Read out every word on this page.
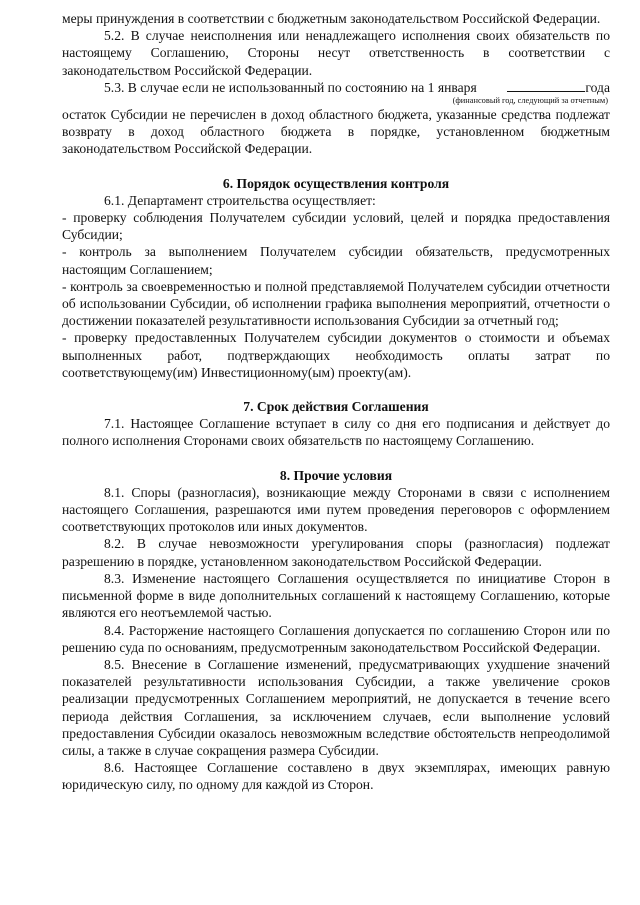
меры принуждения в соответствии с бюджетным законодательством Российской Федерации.

5.2. В случае неисполнения или ненадлежащего исполнения своих обязательств по настоящему Соглашению, Стороны несут ответственность в соответствии с законодательством Российской Федерации.

5.3. В случае если не использованный по состоянию на 1 января	года

(финансовый год, следующий за отчетным)

остаток Субсидии не перечислен в доход областного бюджета, указанные средства подлежат возврату в доход областного бюджета в порядке, установленном бюджетным законодательством Российской Федерации.

6. Порядок осуществления контроля

6.1. Департамент строительства осуществляет:

- проверку соблюдения Получателем субсидии условий, целей и порядка предоставления Субсидии;

- контроль за выполнением Получателем субсидии обязательств, предусмотренных настоящим Соглашением;

- контроль за своевременностью и полной представляемой Получателем субсидии отчетности об использовании Субсидии, об исполнении графика выполнения мероприятий, отчетности о достижении показателей результативности использования Субсидии за отчетный год;

- проверку предоставленных Получателем субсидии документов о стоимости и объемах выполненных работ, подтверждающих необходимость оплаты затрат по соответствующему(им) Инвестиционному(ым) проекту(ам).

7. Срок действия Соглашения

7.1. Настоящее Соглашение вступает в силу со дня его подписания и действует до полного исполнения Сторонами своих обязательств по настоящему Соглашению.

8. Прочие условия

8.1. Споры (разногласия), возникающие между Сторонами в связи с исполнением настоящего Соглашения, разрешаются ими путем проведения переговоров с оформлением соответствующих протоколов или иных документов.

8.2. В случае невозможности урегулирования споры (разногласия) подлежат разрешению в порядке, установленном законодательством Российской Федерации.

8.3. Изменение настоящего Соглашения осуществляется по инициативе Сторон в письменной форме в виде дополнительных соглашений к настоящему Соглашению, которые являются его неотъемлемой частью.

8.4. Расторжение настоящего Соглашения допускается по соглашению Сторон или по решению суда по основаниям, предусмотренным законодательством Российской Федерации.

8.5. Внесение в Соглашение изменений, предусматривающих ухудшение значений показателей результативности использования Субсидии, а также увеличение сроков реализации предусмотренных Соглашением мероприятий, не допускается в течение всего периода действия Соглашения, за исключением случаев, если выполнение условий предоставления Субсидии оказалось невозможным вследствие обстоятельств непреодолимой силы, а также в случае сокращения размера Субсидии.

8.6. Настоящее Соглашение составлено в двух экземплярах, имеющих равную юридическую силу, по одному для каждой из Сторон.
